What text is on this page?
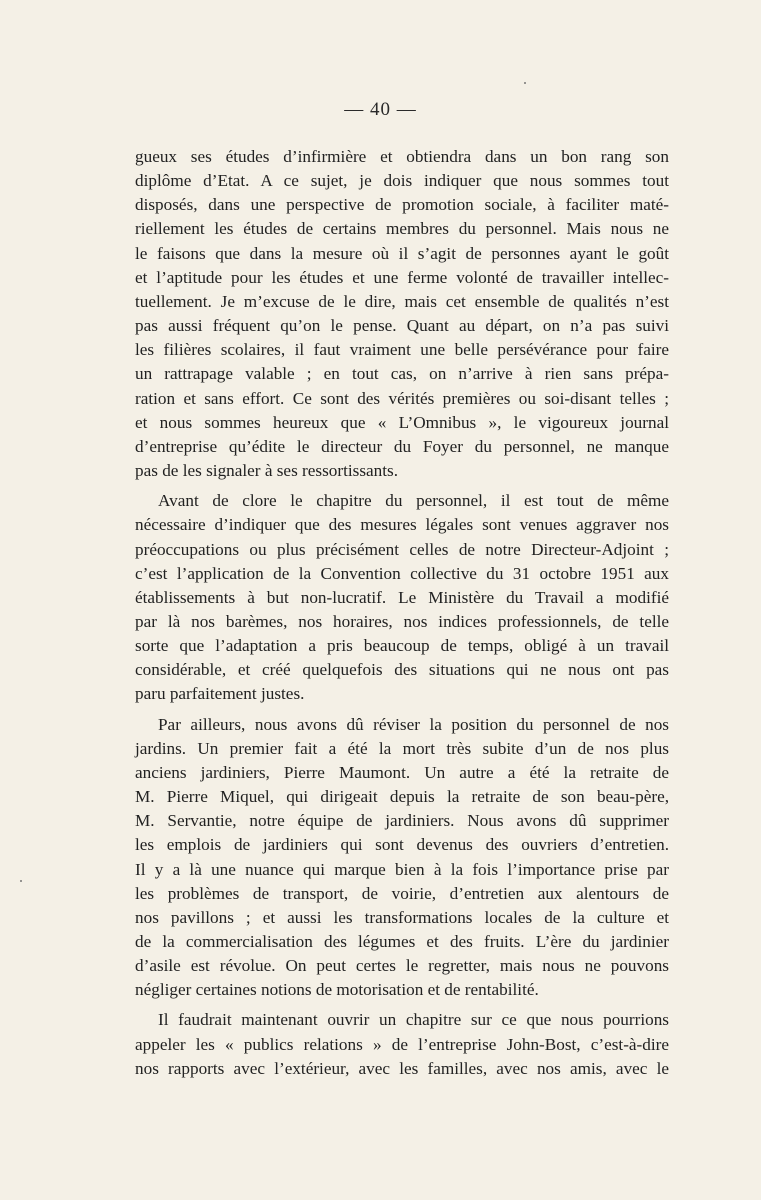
— 40 —

gueux ses études d’infirmière et obtiendra dans un bon rang son
diplôme d’Etat. A ce sujet, je dois indiquer que nous sommes tout
disposés, dans une perspective de promotion sociale, à faciliter maté-
riellement les études de certains membres du personnel. Mais nous ne
le faisons que dans la mesure où il s’agit de personnes ayant le goût
et l’aptitude pour les études et une ferme volonté de travailler intellec-
tuellement. Je m’excuse de le dire, mais cet ensemble de qualités n’est
pas aussi fréquent qu’on le pense. Quant au départ, on n’a pas suivi
les filières scolaires, il faut vraiment une belle persévérance pour faire
un rattrapage valable ; en tout cas, on n’arrive à rien sans prépa-
ration et sans effort. Ce sont des vérités premières ou soi-disant telles ;
et nous sommes heureux que « L’Omnibus », le vigoureux journal
d’entreprise qu’édite le directeur du Foyer du personnel, ne manque
pas de les signaler à ses ressortissants.

Avant de clore le chapitre du personnel, il est tout de même
nécessaire d’indiquer que des mesures légales sont venues aggraver nos
préoccupations ou plus précisément celles de notre Directeur-Adjoint ;
c’est l’application de la Convention collective du 31 octobre 1951 aux
établissements à but non-lucratif. Le Ministère du Travail a modifié
par là nos barèmes, nos horaires, nos indices professionnels, de telle
sorte que l’adaptation a pris beaucoup de temps, obligé à un travail
considérable, et créé quelquefois des situations qui ne nous ont pas
paru parfaitement justes.

Par ailleurs, nous avons dû réviser la position du personnel de nos
jardins. Un premier fait a été la mort très subite d’un de nos plus
anciens jardiniers, Pierre Maumont. Un autre a été la retraite de
M. Pierre Miquel, qui dirigeait depuis la retraite de son beau-père,
M. Servantie, notre équipe de jardiniers. Nous avons dû supprimer
les emplois de jardiniers qui sont devenus des ouvriers d’entretien.
Il y a là une nuance qui marque bien à la fois l’importance prise par
les problèmes de transport, de voirie, d’entretien aux alentours de
nos pavillons ; et aussi les transformations locales de la culture et
de la commercialisation des légumes et des fruits. L’ère du jardinier
d’asile est révolue. On peut certes le regretter, mais nous ne pouvons
négliger certaines notions de motorisation et de rentabilité.

Il faudrait maintenant ouvrir un chapitre sur ce que nous pourrions
appeler les « publics relations » de l’entreprise John-Bost, c’est-à-dire
nos rapports avec l’extérieur, avec les familles, avec nos amis, avec le
